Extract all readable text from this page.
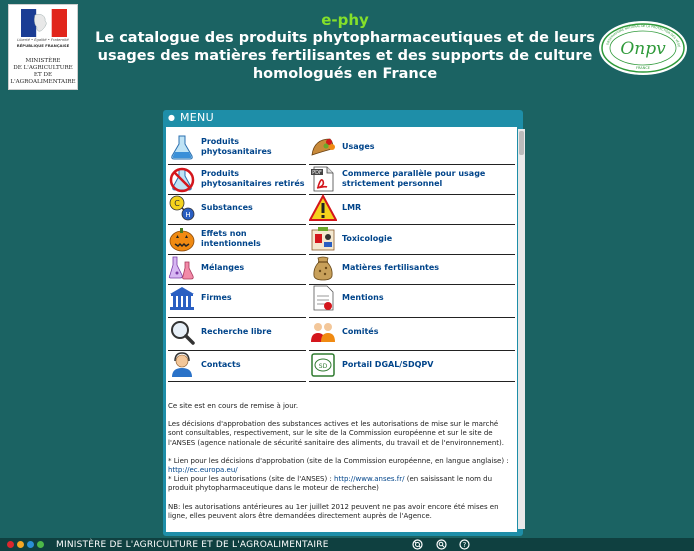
Liberté • Égalité • Fraternité
RÉPUBLIQUE FRANÇAISE
MINISTÈRE
DE L'AGRICULTURE
ET DE
L'AGROALIMENTAIRE
OBSERVATOIRE NATIONAL DE LA PROTECTION DES VÉGÉ
Onpv
FRANCE
e-phy
Le catalogue des produits phytopharmaceutiques et de leurs
usages des matières fertilisantes et des supports de culture
homologués en France
● MENU
Produits
phytosanitaires
Produits
phytosanitaires retirés
C
H
Substances
Effets non
intentionnels
Mélanges
Firmes
Recherche libre
Contacts
Usages
PDF	Commerce parallèle pour usage
strictement personnel
LMR
Toxicologie
Matières fertilisantes
Mentions
Comités
SD Portail DGAL/SDQPV

Ce site est en cours de remise à jour.

Les décisions d'approbation des substances actives et les autorisations de mise sur le marché sont consultables, respectivement, sur le site de la Commission européenne et sur le site de l'ANSES (agence nationale de sécurité sanitaire des aliments, du travail et de l'environnement).

* Lien pour les décisions d'approbation (site de la Commission européenne, en langue anglaise) : http://ec.europa.eu/
* Lien pour les autorisations (site de l'ANSES) : http://www.anses.fr/ (en saisissant le nom du produit phytopharmaceutique dans le moteur de recherche)

NB: les autorisations antérieures au 1er juillet 2012 peuvent ne pas avoir encore été mises en ligne, elles peuvent alors être demandées directement auprès de l'Agence.

MINISTÈRE DE L'AGRICULTURE ET DE L'AGROALIMENTAIRE	?
